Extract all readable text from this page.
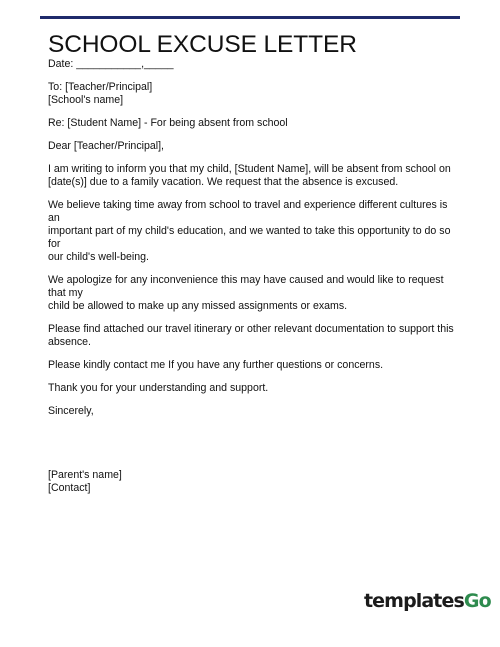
SCHOOL EXCUSE LETTER

Date: ___________,_____

To: [Teacher/Principal]
[School's name]

Re: [Student Name] - For being absent from school

Dear [Teacher/Principal],

I am writing to inform you that my child, [Student Name], will be absent from school on
[date(s)] due to a family vacation. We request that the absence is excused.

We believe taking time away from school to travel and experience different cultures is an
important part of my child's education, and we wanted to take this opportunity to do so for
our child's well-being.

We apologize for any inconvenience this may have caused and would like to request that my
child be allowed to make up any missed assignments or exams.

Please find attached our travel itinerary or other relevant documentation to support this
absence.

Please kindly contact me If you have any further questions or concerns.

Thank you for your understanding and support.

Sincerely,

[Parent's name]
[Contact]

templatesGo
